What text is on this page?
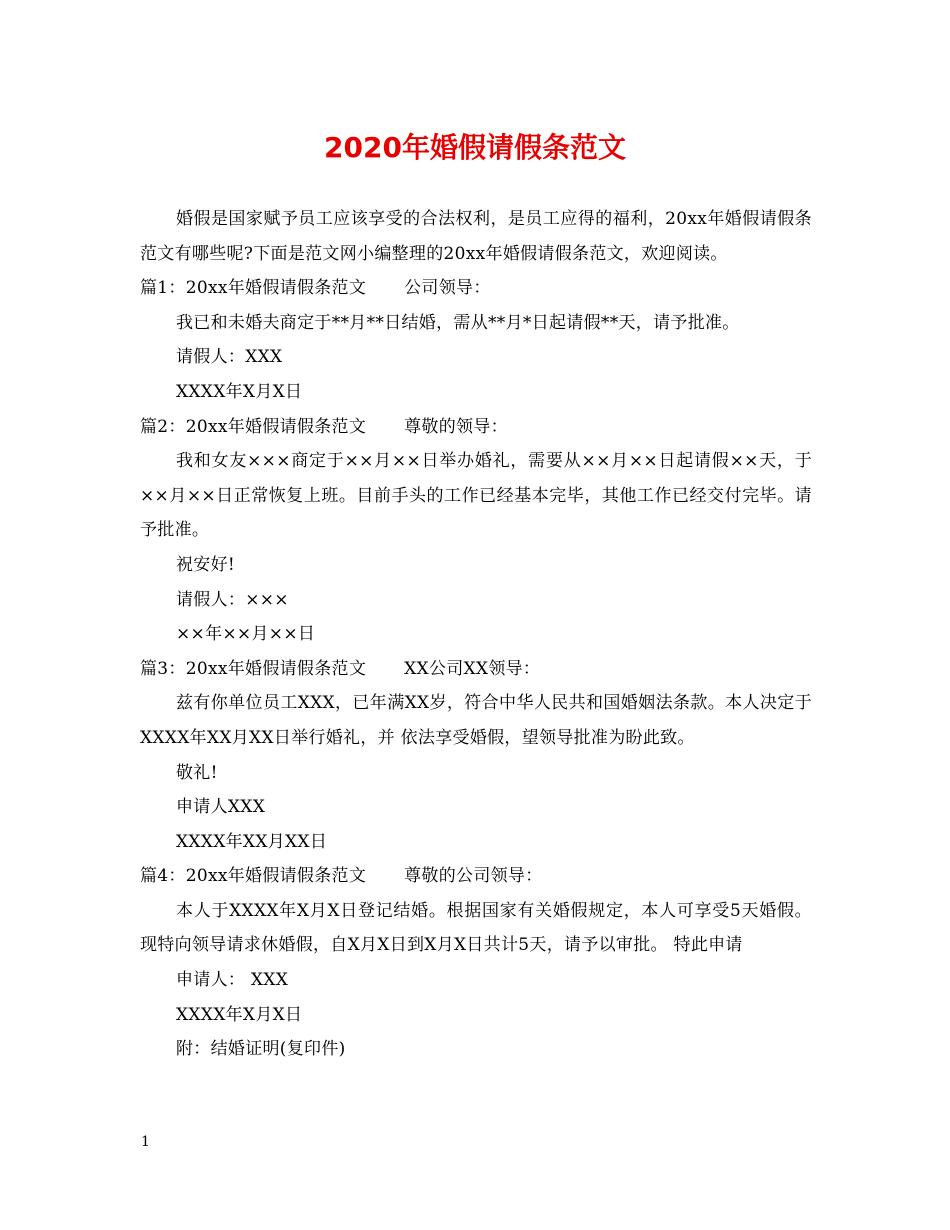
2020年婚假请假条范文

婚假是国家赋予员工应该享受的合法权利，是员工应得的福利，20xx年婚假请假条范文有哪些呢?下面是范文网小编整理的20xx年婚假请假条范文，欢迎阅读。

篇1：20xx年婚假请假条范文 公司领导：

我已和未婚夫商定于**月**日结婚，需从**月*日起请假**天，请予批准。

请假人：XXX

XXXX年X月X日

篇2：20xx年婚假请假条范文 尊敬的领导：

我和女友×××商定于××月××日举办婚礼，需要从××月××日起请假××天，于××月××日正常恢复上班。目前手头的工作已经基本完毕，其他工作已经交付完毕。请予批准。

祝安好!

请假人：×××

××年××月××日

篇3：20xx年婚假请假条范文 XX公司XX领导：

兹有你单位员工XXX，已年满XX岁，符合中华人民共和国婚姻法条款。本人决定于XXXX年XX月XX日举行婚礼，并 依法享受婚假，望领导批准为盼此致。

敬礼!

申请人XXX

XXXX年XX月XX日

篇4：20xx年婚假请假条范文 尊敬的公司领导：

本人于XXXX年X月X日登记结婚。根据国家有关婚假规定，本人可享受5天婚假。现特向领导请求休婚假，自X月X日到X月X日共计5天，请予以审批。 特此申请

申请人： XXX

XXXX年X月X日

附：结婚证明(复印件)

1
